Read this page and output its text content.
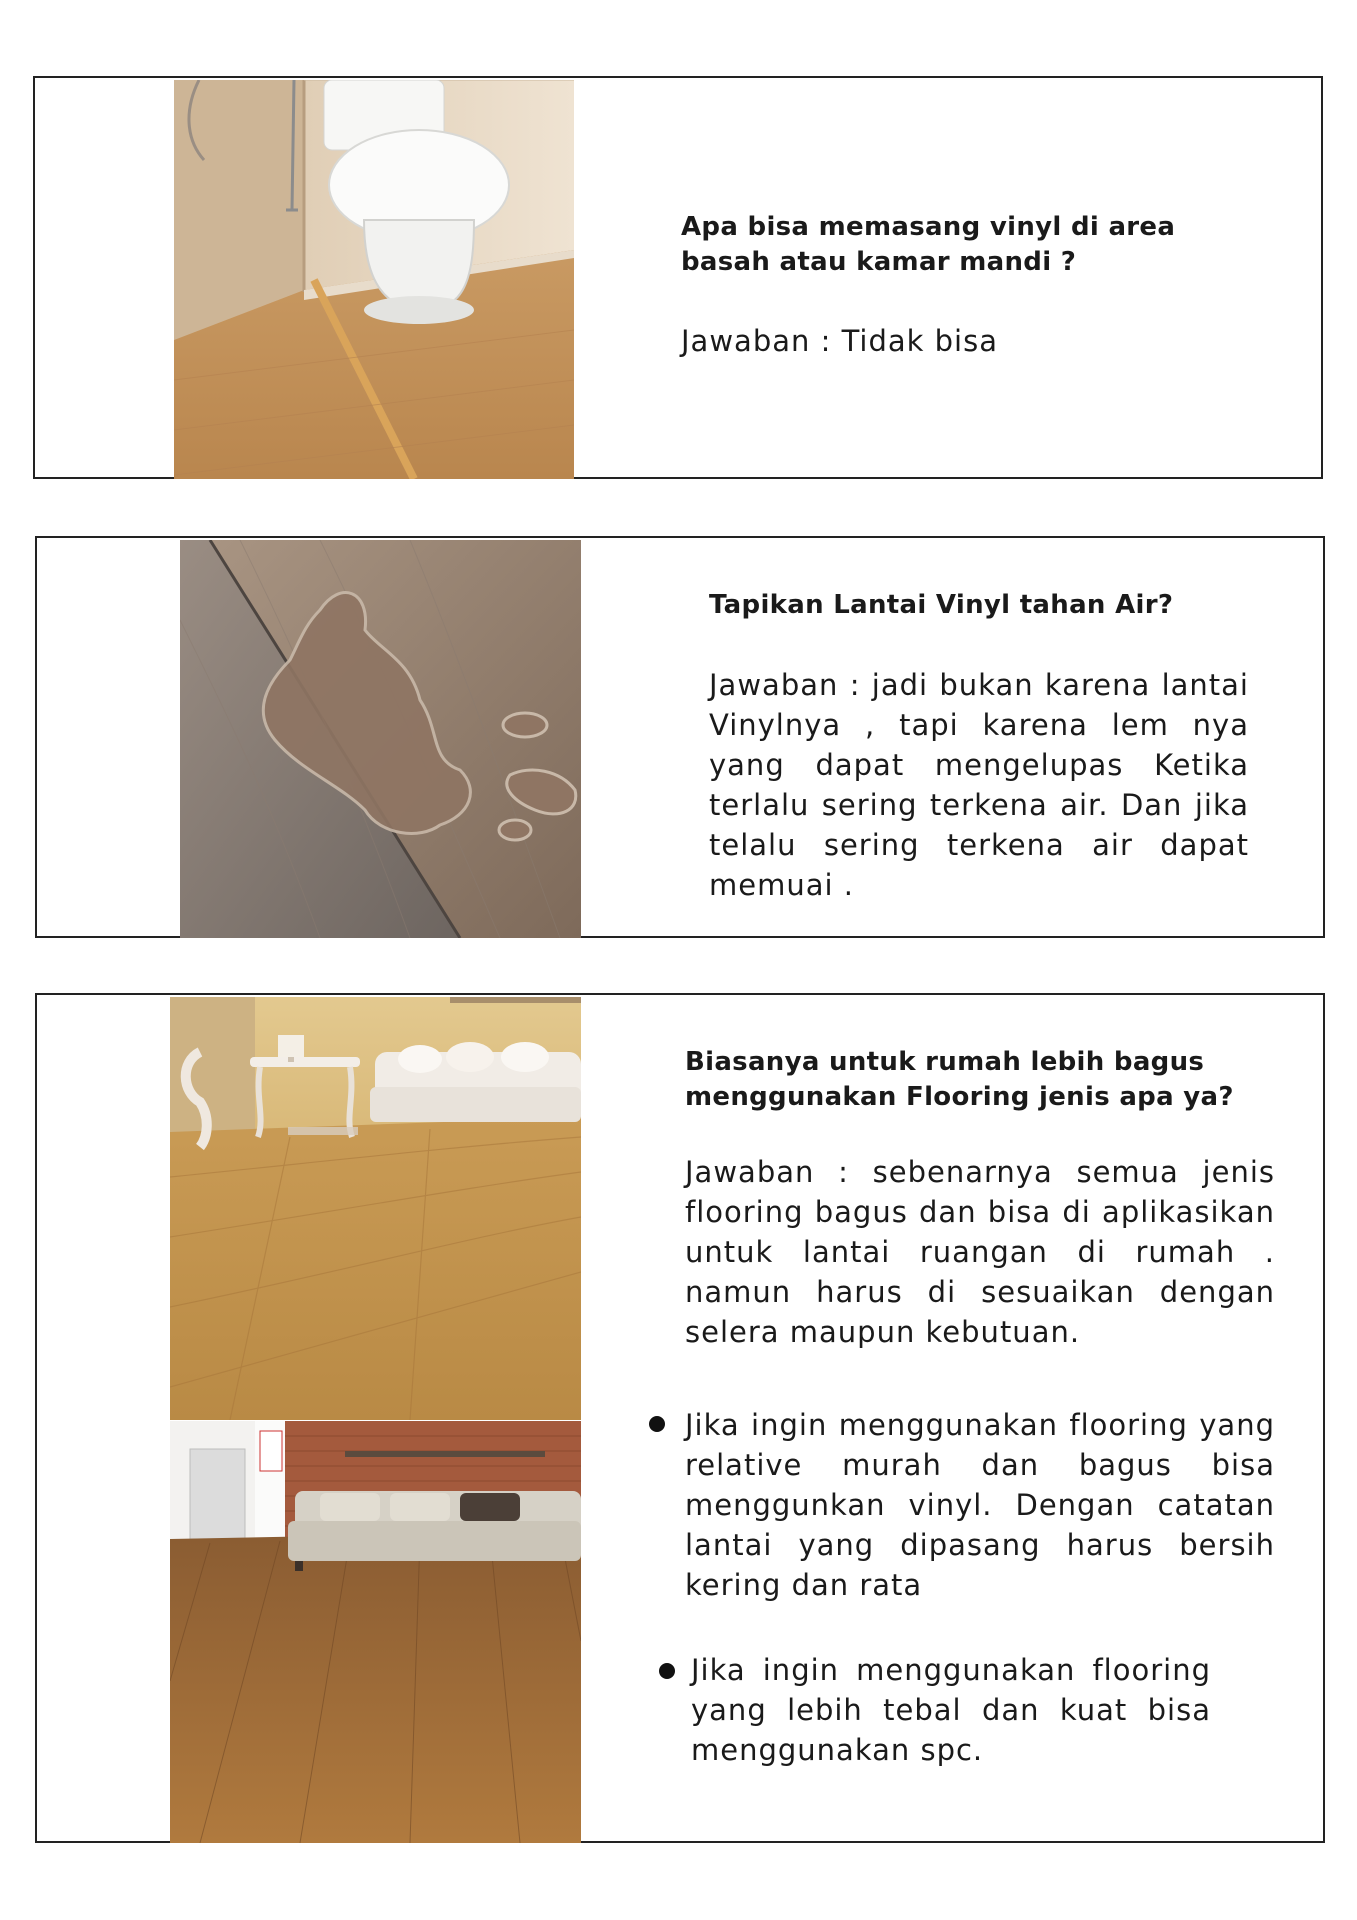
Apa bisa memasang vinyl di area basah atau kamar mandi ?
Jawaban : Tidak bisa
Tapikan Lantai Vinyl tahan Air?
Jawaban : jadi bukan karena lantai Vinylnya , tapi karena lem nya yang dapat mengelupas Ketika terlalu sering terkena air. Dan jika telalu sering terkena air dapat memuai .
Biasanya untuk rumah lebih bagus menggunakan Flooring jenis apa ya?
Jawaban : sebenarnya semua jenis flooring bagus dan bisa di aplikasikan untuk lantai ruangan di rumah . namun harus di sesuaikan dengan selera maupun kebutuan.
Jika ingin menggunakan flooring yang relative murah dan bagus bisa menggunkan vinyl. Dengan catatan lantai yang dipasang harus bersih kering dan rata
Jika ingin menggunakan flooring yang lebih tebal dan kuat bisa menggunakan spc.
